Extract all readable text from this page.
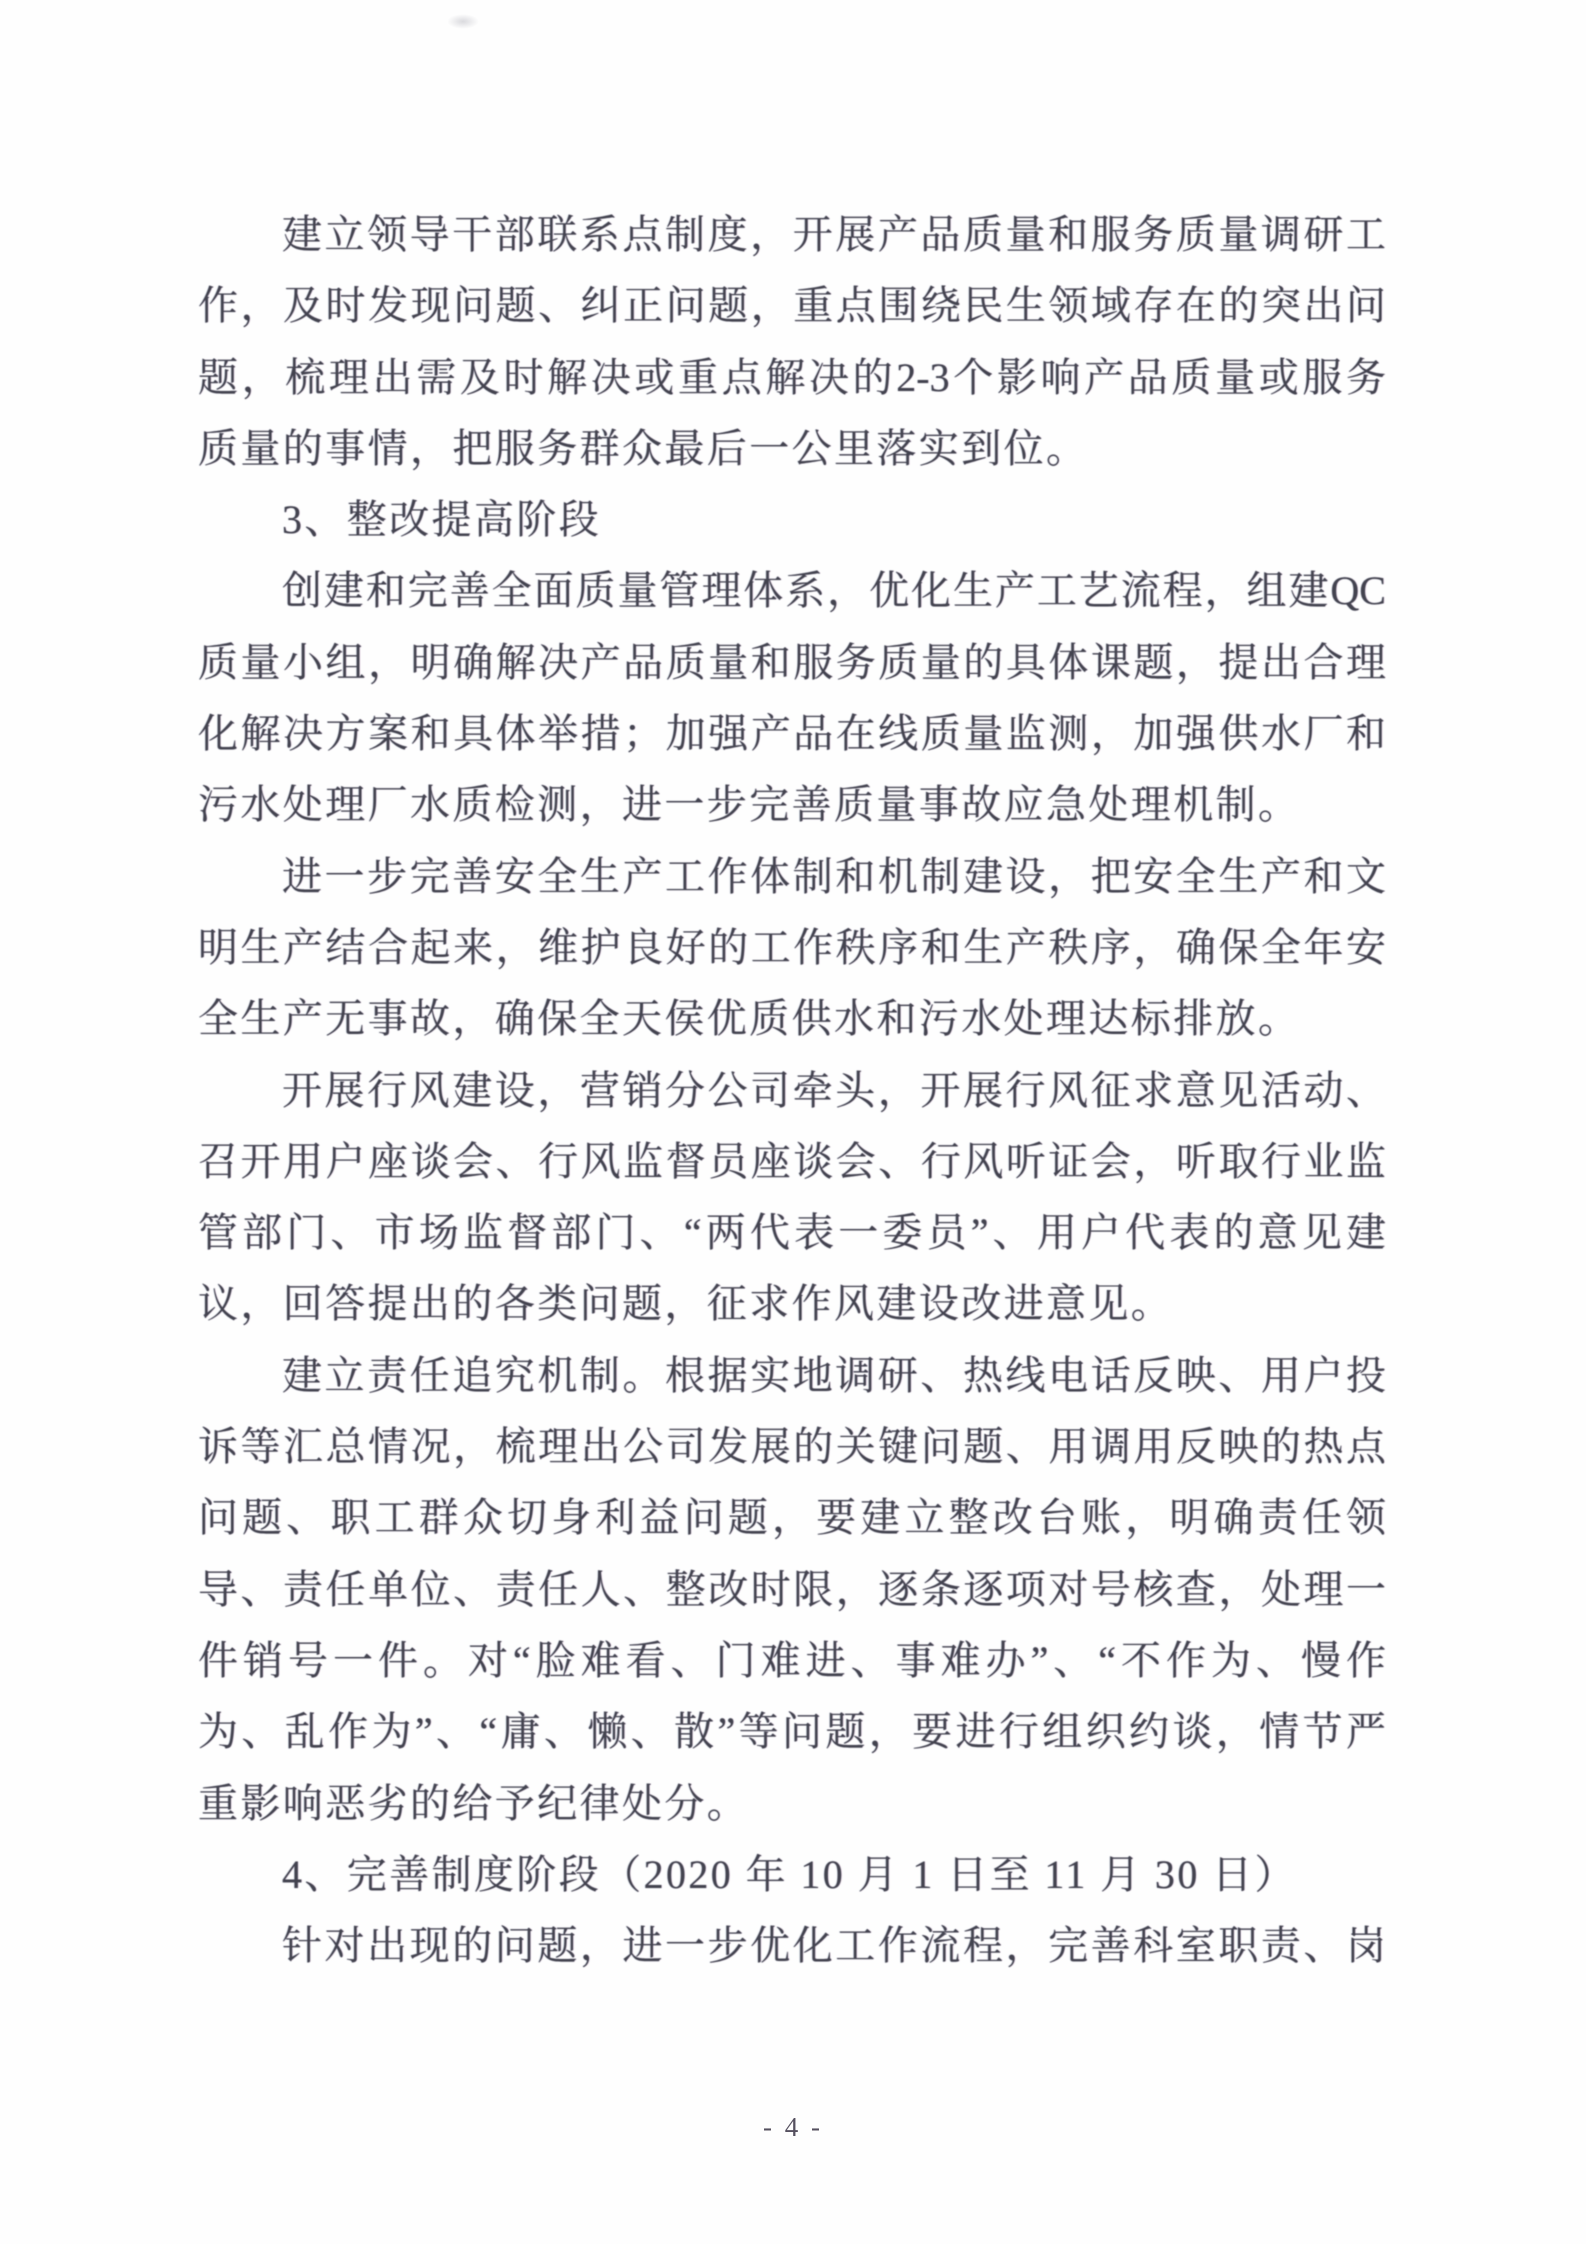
建立领导干部联系点制度，开展产品质量和服务质量调研工
作，及时发现问题、纠正问题，重点围绕民生领域存在的突出问
题，梳理出需及时解决或重点解决的2-3个影响产品质量或服务
质量的事情，把服务群众最后一公里落实到位。
3、整改提高阶段
创建和完善全面质量管理体系，优化生产工艺流程，组建QC
质量小组，明确解决产品质量和服务质量的具体课题，提出合理
化解决方案和具体举措；加强产品在线质量监测，加强供水厂和
污水处理厂水质检测，进一步完善质量事故应急处理机制。
进一步完善安全生产工作体制和机制建设，把安全生产和文
明生产结合起来，维护良好的工作秩序和生产秩序，确保全年安
全生产无事故，确保全天侯优质供水和污水处理达标排放。
开展行风建设，营销分公司牵头，开展行风征求意见活动、
召开用户座谈会、行风监督员座谈会、行风听证会，听取行业监
管部门、市场监督部门、“两代表一委员”、用户代表的意见建
议，回答提出的各类问题，征求作风建设改进意见。
建立责任追究机制。根据实地调研、热线电话反映、用户投
诉等汇总情况，梳理出公司发展的关键问题、用调用反映的热点
问题、职工群众切身利益问题，要建立整改台账，明确责任领
导、责任单位、责任人、整改时限，逐条逐项对号核查，处理一
件销号一件。对“脸难看、门难进、事难办”、“不作为、慢作
为、乱作为”、“庸、懒、散”等问题，要进行组织约谈，情节严
重影响恶劣的给予纪律处分。
4、完善制度阶段（2020 年 10 月 1 日至 11 月 30 日）
针对出现的问题，进一步优化工作流程，完善科室职责、岗
- 4 -
